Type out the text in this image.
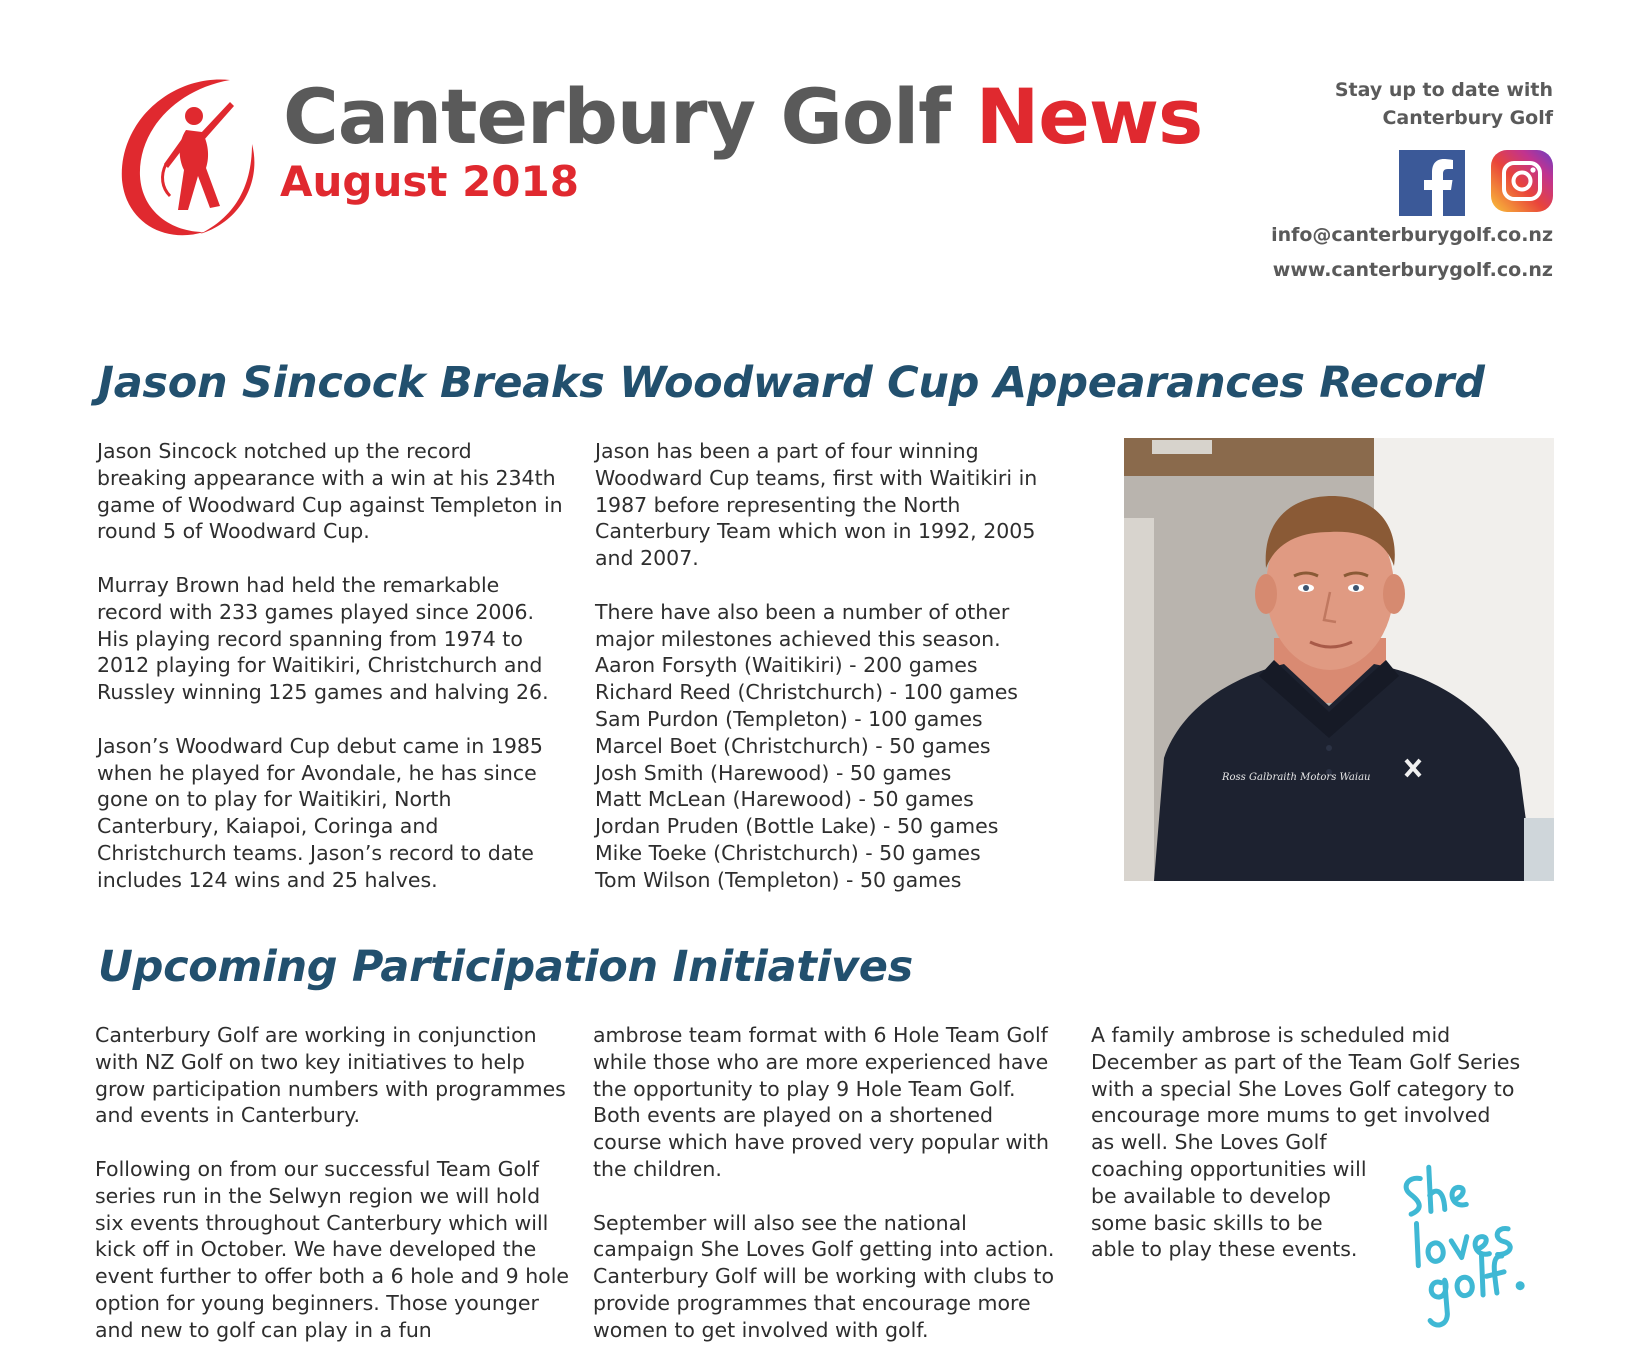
Canterbury Golf News
August 2018
Stay up to date with
Canterbury Golf
info@canterburygolf.co.nz
www.canterburygolf.co.nz
Jason Sincock Breaks Woodward Cup Appearances Record

Jason Sincock notched up the record breaking appearance with a win at his 234th game of Woodward Cup against Templeton in round 5 of Woodward Cup.

Murray Brown had held the remarkable record with 233 games played since 2006. His playing record spanning from 1974 to 2012 playing for Waitikiri, Christchurch and Russley winning 125 games and halving 26.

Jason’s Woodward Cup debut came in 1985 when he played for Avondale, he has since gone on to play for Waitikiri, North Canterbury, Kaiapoi, Coringa and Christchurch teams. Jason’s record to date includes 124 wins and 25 halves.

Jason has been a part of four winning Woodward Cup teams, first with Waitikiri in 1987 before representing the North Canterbury Team which won in 1992, 2005 and 2007.

There have also been a number of other major milestones achieved this season.
Aaron Forsyth (Waitikiri) - 200 games
Richard Reed (Christchurch) - 100 games
Sam Purdon (Templeton) - 100 games
Marcel Boet (Christchurch) - 50 games
Josh Smith (Harewood) - 50 games
Matt McLean (Harewood) - 50 games
Jordan Pruden (Bottle Lake) - 50 games
Mike Toeke (Christchurch) - 50 games
Tom Wilson (Templeton) - 50 games
Ross Galbraith Motors Waiau
Upcoming Participation Initiatives

Canterbury Golf are working in conjunction with NZ Golf on two key initiatives to help grow participation numbers with programmes and events in Canterbury.

Following on from our successful Team Golf series run in the Selwyn region we will hold six events throughout Canterbury which will kick off in October. We have developed the event further to offer both a 6 hole and 9 hole option for young beginners. Those younger and new to golf can play in a fun

ambrose team format with 6 Hole Team Golf while those who are more experienced have the opportunity to play 9 Hole Team Golf. Both events are played on a shortened course which have proved very popular with the children.

September will also see the national campaign She Loves Golf getting into action. Canterbury Golf will be working with clubs to provide programmes that encourage more women to get involved with golf.

A family ambrose is scheduled mid
December as part of the Team Golf Series
with a special She Loves Golf category to
encourage more mums to get involved
as well. She Loves Golf
coaching opportunities will
be available to develop
some basic skills to be
able to play these events.
